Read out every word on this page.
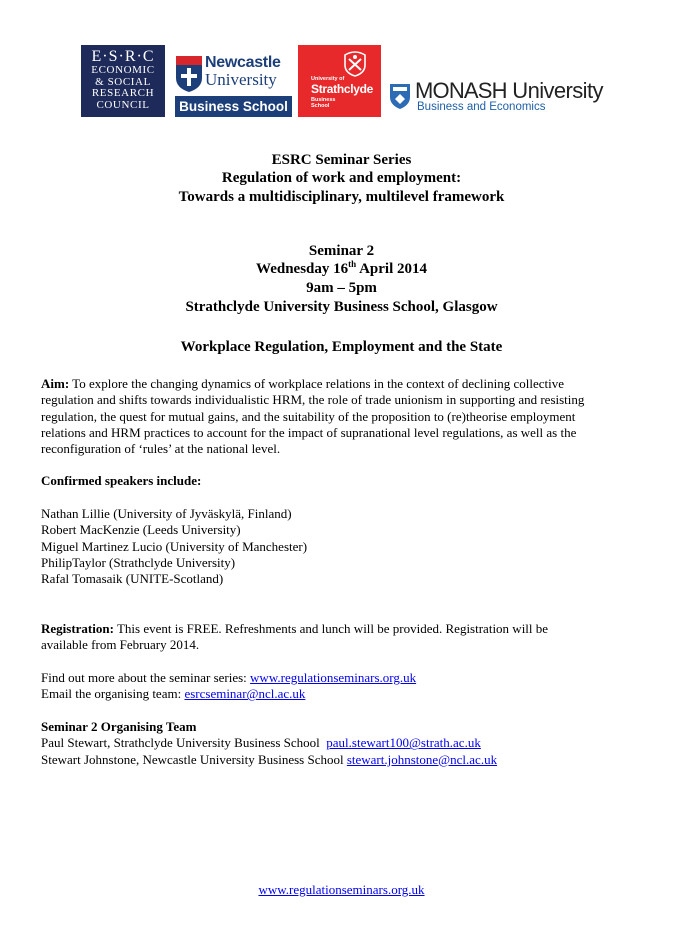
E·S·R·C
ECONOMIC
& SOCIAL
RESEARCH
COUNCIL
Newcastle
University
Business School
University of
Strathclyde
Business
School
MONASH University
Business and Economics
ESRC Seminar Series
Regulation of work and employment:
Towards a multidisciplinary, multilevel framework
Seminar 2
Wednesday 16th April 2014
9am – 5pm
Strathclyde University Business School, Glasgow
Workplace Regulation, Employment and the State
Aim: To explore the changing dynamics of workplace relations in the context of declining collective
regulation and shifts towards individualistic HRM, the role of trade unionism in supporting and resisting
regulation, the quest for mutual gains, and the suitability of the proposition to (re)theorise employment
relations and HRM practices to account for the impact of supranational level regulations, as well as the
reconfiguration of ‘rules’ at the national level.
Confirmed speakers include:
Nathan Lillie (University of Jyväskylä, Finland)
Robert MacKenzie (Leeds University)
Miguel Martinez Lucio (University of Manchester)
PhilipTaylor (Strathclyde University)
Rafal Tomasaik (UNITE-Scotland)
Registration: This event is FREE. Refreshments and lunch will be provided. Registration will be
available from February 2014.
Find out more about the seminar series: www.regulationseminars.org.uk
Email the organising team: esrcseminar@ncl.ac.uk
Seminar 2 Organising Team
Paul Stewart, Strathclyde University Business School  paul.stewart100@strath.ac.uk
Stewart Johnstone, Newcastle University Business School stewart.johnstone@ncl.ac.uk
www.regulationseminars.org.uk
